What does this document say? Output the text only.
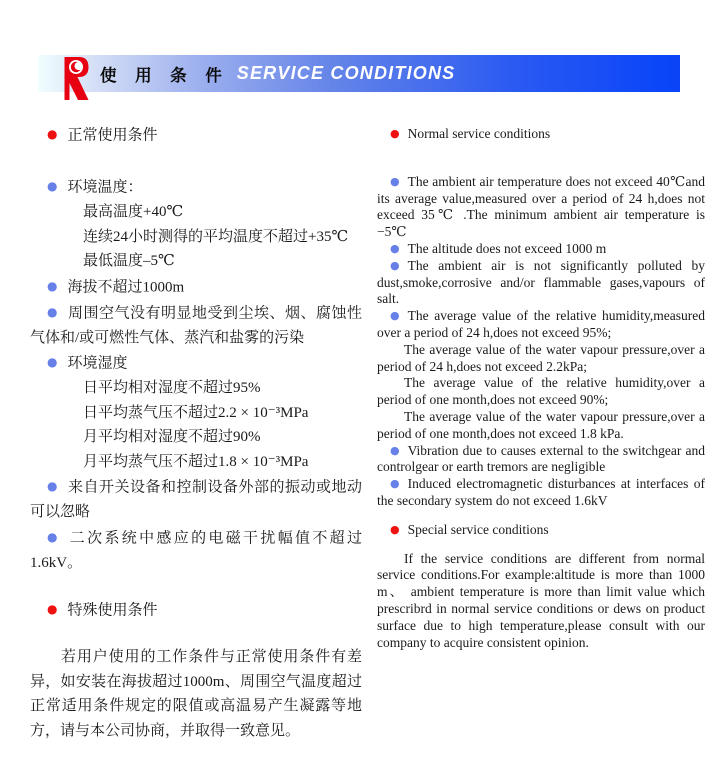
使 用 条 件 SERVICE CONDITIONS

● 正常使用条件

● 环境温度：

最高温度+40℃

连续24小时测得的平均温度不超过+35℃

最低温度–5℃

● 海拔不超过1000m

● 周围空气没有明显地受到尘埃、烟、腐蚀性气体和/或可燃性气体、蒸汽和盐雾的污染

● 环境湿度

日平均相对湿度不超过95%

日平均蒸气压不超过2.2 × 10⁻³MPa

月平均相对湿度不超过90%

月平均蒸气压不超过1.8 × 10⁻³MPa

● 来自开关设备和控制设备外部的振动或地动可以忽略

● 二次系统中感应的电磁干扰幅值不超过1.6kV。

● 特殊使用条件

若用户使用的工作条件与正常使用条件有差异，如安装在海拔超过1000m、周围空气温度超过正常适用条件规定的限值或高温易产生凝露等地方，请与本公司协商，并取得一致意见。

● Normal service conditions

● The ambient air temperature does not exceed 40℃and its average value,measured over a period of 24 h,does not exceed 35℃ .The minimum ambient air temperature is −5℃

● The altitude does not exceed 1000 m

● The ambient air is not significantly polluted by dust,smoke,corrosive and/or flammable gases,vapours of salt.

● The average value of the relative humidity,measured over a period of 24 h,does not exceed 95%;

The average value of the water vapour pressure,over a period of 24 h,does not exceed 2.2kPa;

The average value of the relative humidity,over a period of one month,does not exceed 90%;

The average value of the water vapour pressure,over a period of one month,does not exceed 1.8 kPa.

● Vibration due to causes external to the switchgear and controlgear or earth tremors are negligible

● Induced electromagnetic disturbances at interfaces of the secondary system do not exceed 1.6kV

● Special service conditions

If the service conditions are different from normal service conditions.For example:altitude is more than 1000 m、 ambient temperature is more than limit value which prescribrd in normal service conditions or dews on product surface due to high temperature,please consult with our company to acquire consistent opinion.
